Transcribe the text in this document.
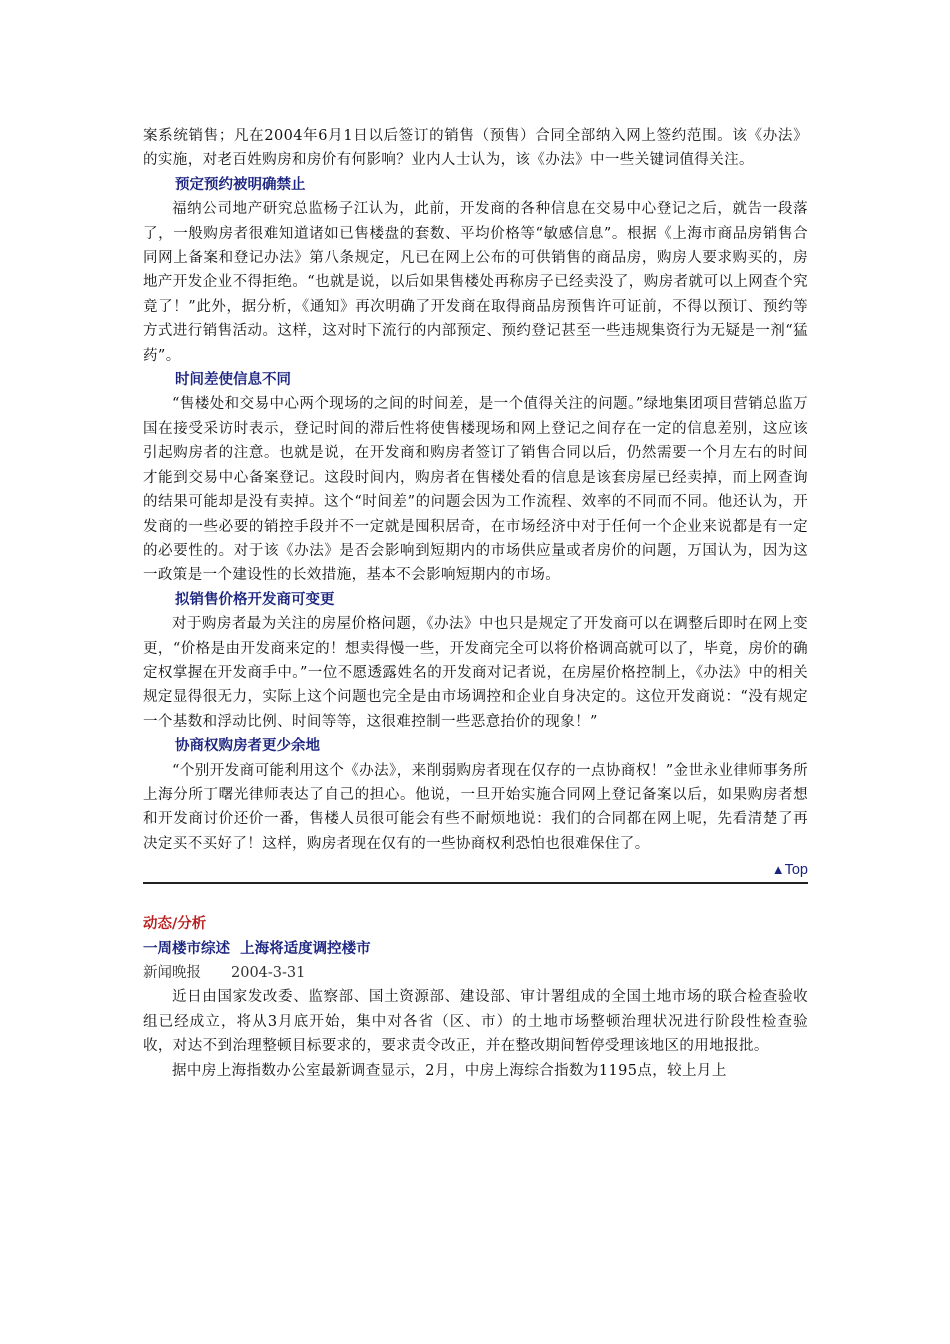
案系统销售；凡在2004年6月1日以后签订的销售（预售）合同全部纳入网上签约范围。该《办法》的实施，对老百姓购房和房价有何影响？业内人士认为，该《办法》中一些关键词值得关注。

预定预约被明确禁止

福纳公司地产研究总监杨子江认为，此前，开发商的各种信息在交易中心登记之后，就告一段落了，一般购房者很难知道诸如已售楼盘的套数、平均价格等“敏感信息”。根据《上海市商品房销售合同网上备案和登记办法》第八条规定，凡已在网上公布的可供销售的商品房，购房人要求购买的，房地产开发企业不得拒绝。“也就是说，以后如果售楼处再称房子已经卖没了，购房者就可以上网查个究竟了！”此外，据分析，《通知》再次明确了开发商在取得商品房预售许可证前，不得以预订、预约等方式进行销售活动。这样，这对时下流行的内部预定、预约登记甚至一些违规集资行为无疑是一剂“猛药”。

时间差使信息不同

“售楼处和交易中心两个现场的之间的时间差，是一个值得关注的问题。”绿地集团项目营销总监万国在接受采访时表示，登记时间的滞后性将使售楼现场和网上登记之间存在一定的信息差别，这应该引起购房者的注意。也就是说，在开发商和购房者签订了销售合同以后，仍然需要一个月左右的时间才能到交易中心备案登记。这段时间内，购房者在售楼处看的信息是该套房屋已经卖掉，而上网查询的结果可能却是没有卖掉。这个“时间差”的问题会因为工作流程、效率的不同而不同。他还认为，开发商的一些必要的销控手段并不一定就是囤积居奇，在市场经济中对于任何一个企业来说都是有一定的必要性的。对于该《办法》是否会影响到短期内的市场供应量或者房价的问题，万国认为，因为这一政策是一个建设性的长效措施，基本不会影响短期内的市场。

拟销售价格开发商可变更

对于购房者最为关注的房屋价格问题，《办法》中也只是规定了开发商可以在调整后即时在网上变更，“价格是由开发商来定的！想卖得慢一些，开发商完全可以将价格调高就可以了，毕竟，房价的确定权掌握在开发商手中。”一位不愿透露姓名的开发商对记者说，在房屋价格控制上，《办法》中的相关规定显得很无力，实际上这个问题也完全是由市场调控和企业自身决定的。这位开发商说：“没有规定一个基数和浮动比例、时间等等，这很难控制一些恶意抬价的现象！”

协商权购房者更少余地

“个别开发商可能利用这个《办法》，来削弱购房者现在仅存的一点协商权！”金世永业律师事务所上海分所丁曙光律师表达了自己的担心。他说，一旦开始实施合同网上登记备案以后，如果购房者想和开发商讨价还价一番，售楼人员很可能会有些不耐烦地说：我们的合同都在网上呢，先看清楚了再决定买不买好了！这样，购房者现在仅有的一些协商权利恐怕也很难保住了。

▲Top

动态/分析

一周楼市综述  上海将适度调控楼市

新闻晚报 2004-3-31

近日由国家发改委、监察部、国土资源部、建设部、审计署组成的全国土地市场的联合检查验收组已经成立，将从3月底开始，集中对各省（区、市）的土地市场整顿治理状况进行阶段性检查验收，对达不到治理整顿目标要求的，要求责令改正，并在整改期间暂停受理该地区的用地报批。

据中房上海指数办公室最新调查显示，2月，中房上海综合指数为1195点，较上月上
